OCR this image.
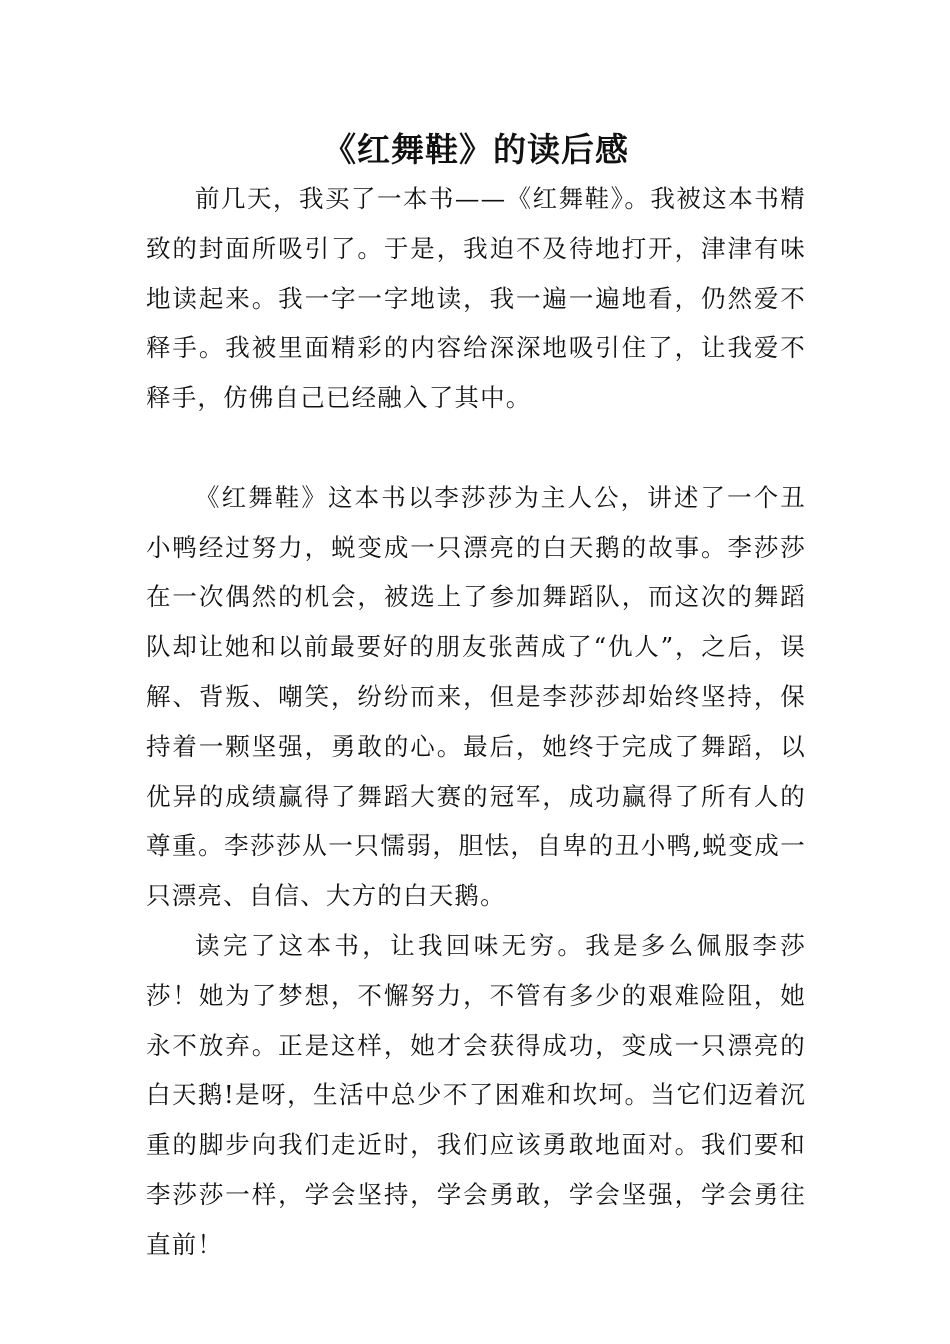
《红舞鞋》的读后感

前几天，我买了一本书——《红舞鞋》。我被这本书精致的封面所吸引了。于是，我迫不及待地打开，津津有味地读起来。我一字一字地读，我一遍一遍地看，仍然爱不释手。我被里面精彩的内容给深深地吸引住了，让我爱不释手，仿佛自己已经融入了其中。

《红舞鞋》这本书以李莎莎为主人公，讲述了一个丑小鸭经过努力，蜕变成一只漂亮的白天鹅的故事。李莎莎在一次偶然的机会，被选上了参加舞蹈队，而这次的舞蹈队却让她和以前最要好的朋友张茜成了“仇人”，之后，误解、背叛、嘲笑，纷纷而来，但是李莎莎却始终坚持，保持着一颗坚强，勇敢的心。最后，她终于完成了舞蹈，以优异的成绩赢得了舞蹈大赛的冠军，成功赢得了所有人的尊重。李莎莎从一只懦弱，胆怯，自卑的丑小鸭,蜕变成一只漂亮、自信、大方的白天鹅。

读完了这本书，让我回味无穷。我是多么佩服李莎莎！她为了梦想，不懈努力，不管有多少的艰难险阻，她永不放弃。正是这样，她才会获得成功，变成一只漂亮的白天鹅!是呀，生活中总少不了困难和坎坷。当它们迈着沉重的脚步向我们走近时，我们应该勇敢地面对。我们要和李莎莎一样，学会坚持，学会勇敢，学会坚强，学会勇往直前！
